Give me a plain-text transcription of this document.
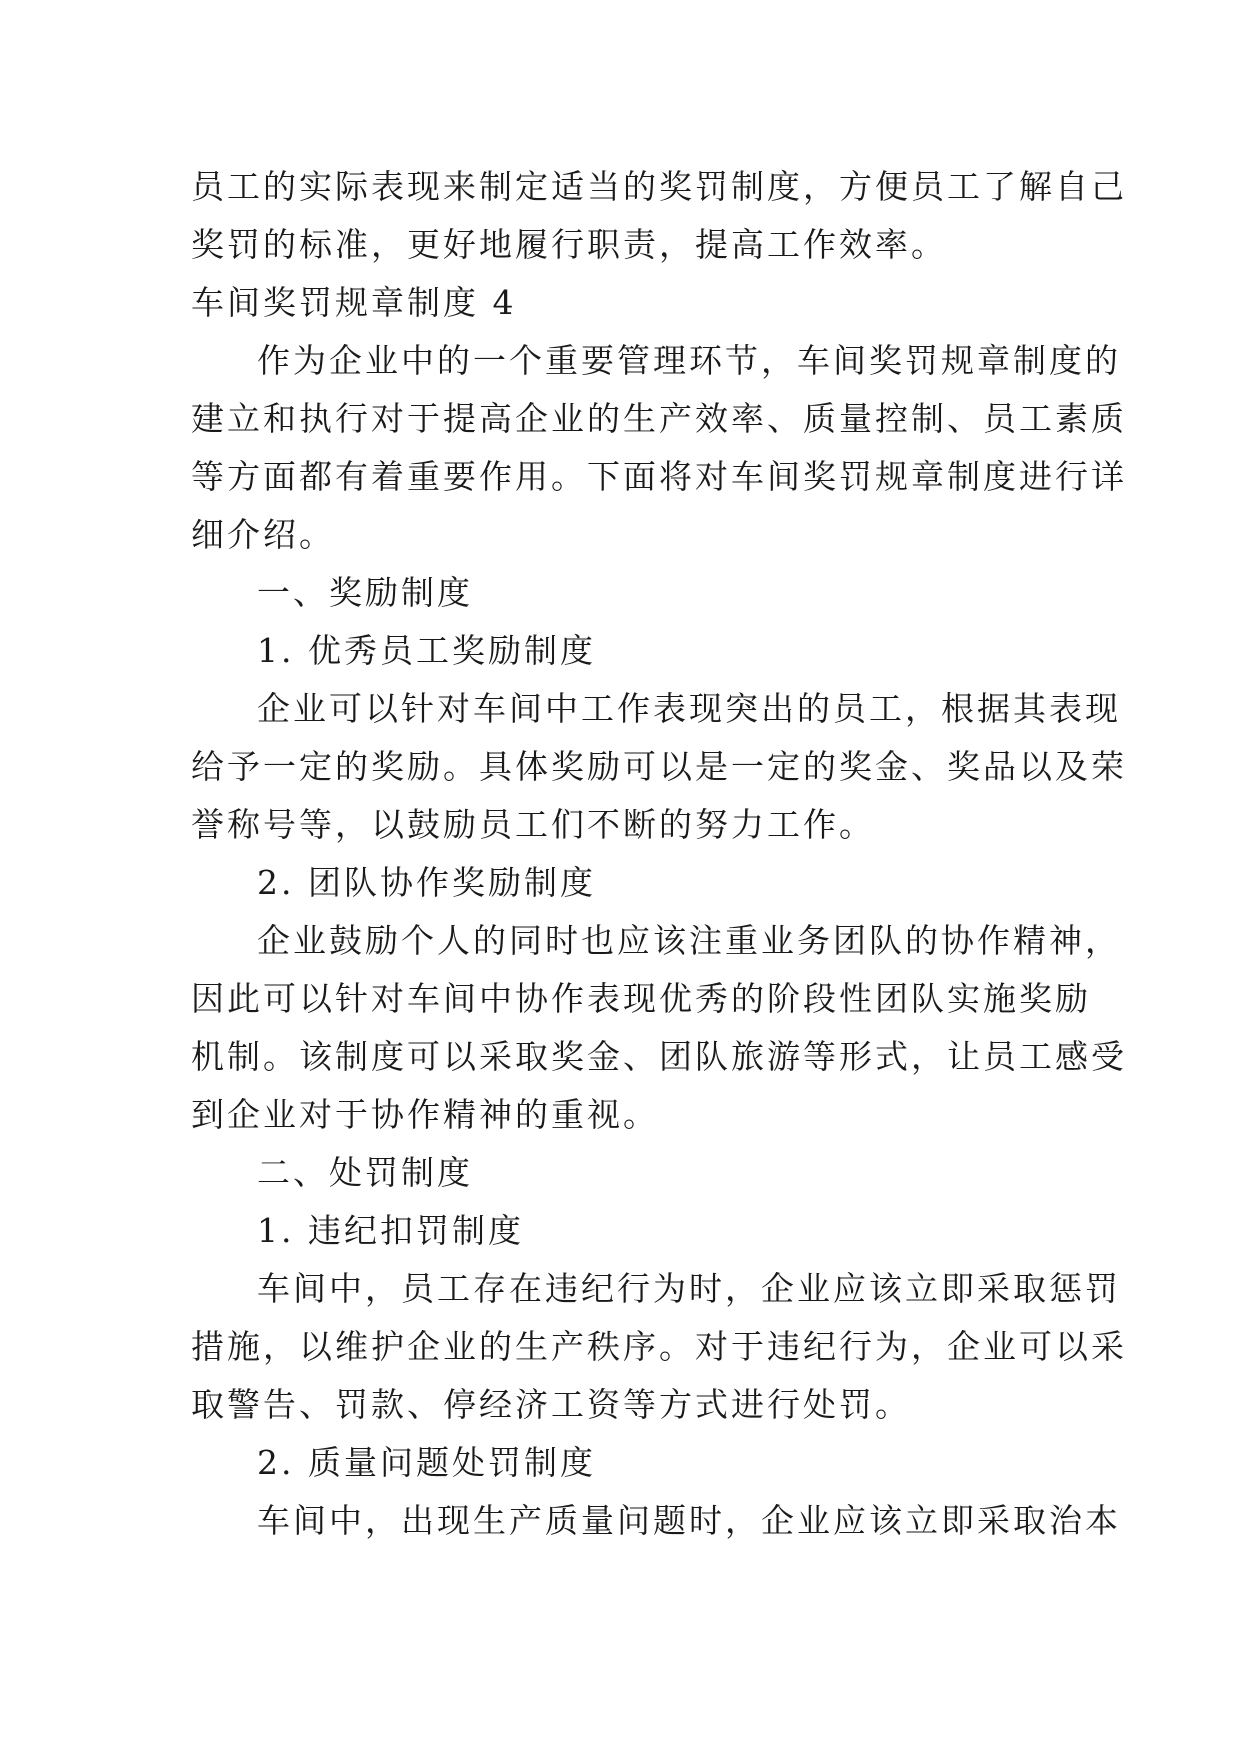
员工的实际表现来制定适当的奖罚制度，方便员工了解自己
奖罚的标准，更好地履行职责，提高工作效率。
车间奖罚规章制度 4
作为企业中的一个重要管理环节，车间奖罚规章制度的
建立和执行对于提高企业的生产效率、质量控制、员工素质
等方面都有着重要作用。下面将对车间奖罚规章制度进行详
细介绍。
一、奖励制度
1. 优秀员工奖励制度
企业可以针对车间中工作表现突出的员工，根据其表现
给予一定的奖励。具体奖励可以是一定的奖金、奖品以及荣
誉称号等，以鼓励员工们不断的努力工作。
2. 团队协作奖励制度
企业鼓励个人的同时也应该注重业务团队的协作精神，
因此可以针对车间中协作表现优秀的阶段性团队实施奖励
机制。该制度可以采取奖金、团队旅游等形式，让员工感受
到企业对于协作精神的重视。
二、处罚制度
1. 违纪扣罚制度
车间中，员工存在违纪行为时，企业应该立即采取惩罚
措施，以维护企业的生产秩序。对于违纪行为，企业可以采
取警告、罚款、停经济工资等方式进行处罚。
2. 质量问题处罚制度
车间中，出现生产质量问题时，企业应该立即采取治本
